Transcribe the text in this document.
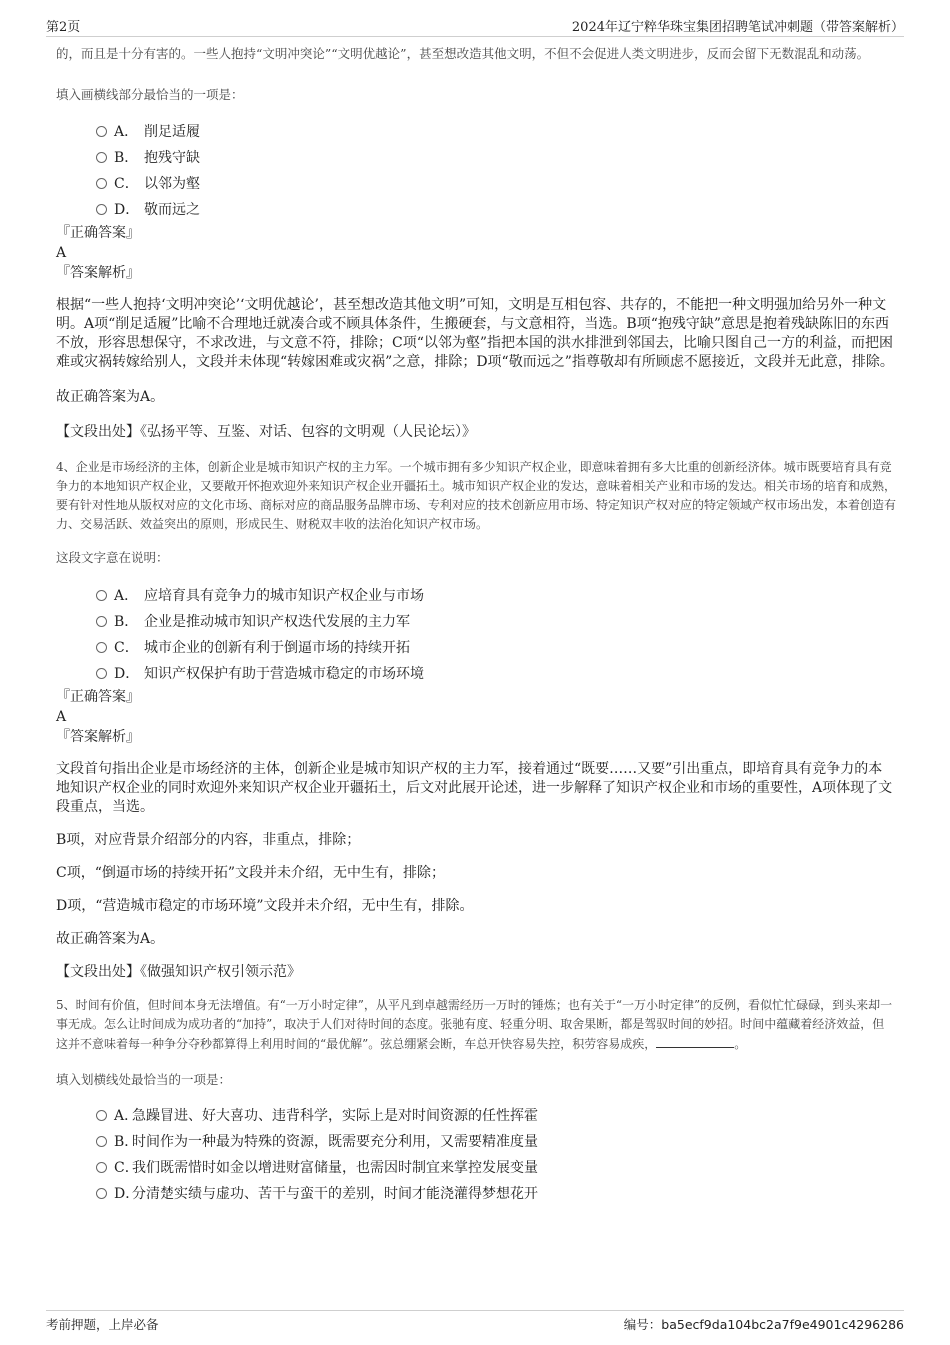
第2页	2024年辽宁粹华珠宝集团招聘笔试冲刺题（带答案解析）

的，而且是十分有害的。一些人抱持“文明冲突论”“文明优越论”，甚至想改造其他文明，不但不会促进人类文明进步，反而会留下无数混乱和动荡。

填入画横线部分最恰当的一项是：

A． 削足适履
B． 抱残守缺
C． 以邻为壑
D． 敬而远之

『正确答案』

A

『答案解析』

根据“一些人抱持‘文明冲突论’‘文明优越论’，甚至想改造其他文明”可知，文明是互相包容、共存的，不能把一种文明强加给另外一种文明。A项“削足适履”比喻不合理地迁就凑合或不顾具体条件，生搬硬套，与文意相符，当选。B项“抱残守缺”意思是抱着残缺陈旧的东西不放，形容思想保守，不求改进，与文意不符，排除；C项“以邻为壑”指把本国的洪水排泄到邻国去，比喻只图自己一方的利益，而把困难或灾祸转嫁给别人，文段并未体现“转嫁困难或灾祸”之意，排除；D项“敬而远之”指尊敬却有所顾虑不愿接近，文段并无此意，排除。

故正确答案为A。

【文段出处】《弘扬平等、互鉴、对话、包容的文明观（人民论坛）》

4、企业是市场经济的主体，创新企业是城市知识产权的主力军。一个城市拥有多少知识产权企业，即意味着拥有多大比重的创新经济体。城市既要培育具有竞争力的本地知识产权企业，又要敞开怀抱欢迎外来知识产权企业开疆拓土。城市知识产权企业的发达，意味着相关产业和市场的发达。相关市场的培育和成熟，要有针对性地从版权对应的文化市场、商标对应的商品服务品牌市场、专利对应的技术创新应用市场、特定知识产权对应的特定领域产权市场出发，本着创造有力、交易活跃、效益突出的原则，形成民生、财税双丰收的法治化知识产权市场。

这段文字意在说明：

A． 应培育具有竞争力的城市知识产权企业与市场
B． 企业是推动城市知识产权迭代发展的主力军
C． 城市企业的创新有利于倒逼市场的持续开拓
D． 知识产权保护有助于营造城市稳定的市场环境

『正确答案』

A

『答案解析』

文段首句指出企业是市场经济的主体，创新企业是城市知识产权的主力军，接着通过“既要……又要”引出重点，即培育具有竞争力的本地知识产权企业的同时欢迎外来知识产权企业开疆拓土，后文对此展开论述，进一步解释了知识产权企业和市场的重要性，A项体现了文段重点，当选。

B项，对应背景介绍部分的内容，非重点，排除；

C项，“倒逼市场的持续开拓”文段并未介绍，无中生有，排除；

D项，“营造城市稳定的市场环境”文段并未介绍，无中生有，排除。

故正确答案为A。

【文段出处】《做强知识产权引领示范》

5、时间有价值，但时间本身无法增值。有“一万小时定律”，从平凡到卓越需经历一万时的锤炼；也有关于“一万小时定律”的反例，看似忙忙碌碌，到头来却一事无成。怎么让时间成为成功者的“加持”，取决于人们对待时间的态度。张驰有度、轻重分明、取舍果断，都是驾驭时间的妙招。时间中蕴藏着经济效益，但这并不意味着每一种争分夺秒都算得上利用时间的“最优解”。弦总绷紧会断，车总开快容易失控，积劳容易成疾，	。

填入划横线处最恰当的一项是：

A．
急躁冒进、好大喜功、违背科学，实际上是对时间资源的任性挥霍
B．
时间作为一种最为特殊的资源，既需要充分利用，又需要精准度量
C．
我们既需惜时如金以增进财富储量，也需因时制宜来掌控发展变量
D．
分清楚实绩与虚功、苦干与蛮干的差别，时间才能浇灌得梦想花开
考前押题，上岸必备	编号：ba5ecf9da104bc2a7f9e4901c4296286
